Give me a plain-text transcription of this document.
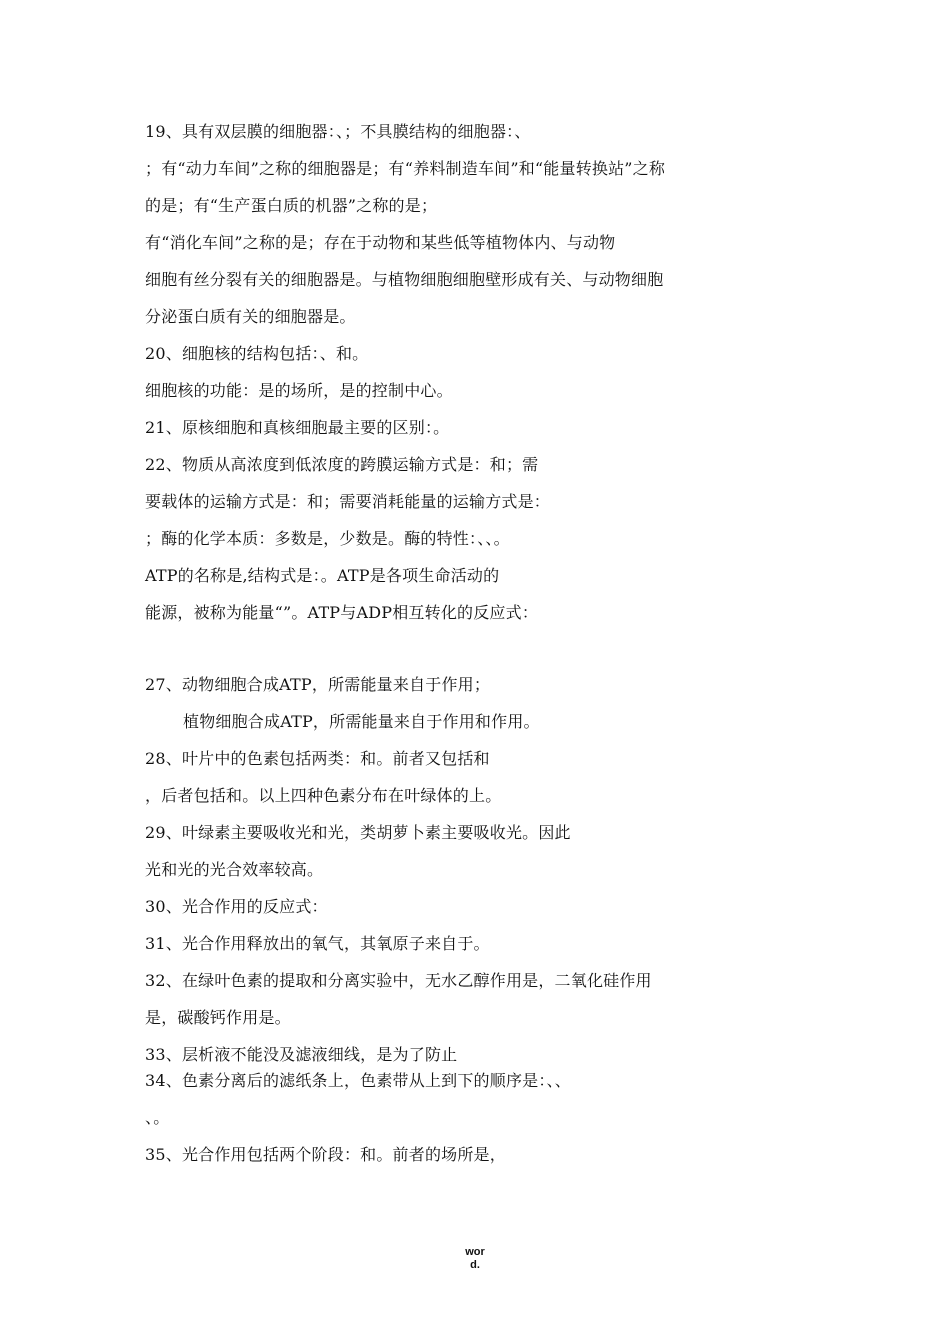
19、具有双层膜的细胞器：、；不具膜结构的细胞器：、
；有“动力车间”之称的细胞器是；有“养料制造车间”和“能量转换站”之称
的是；有“生产蛋白质的机器”之称的是；
有“消化车间”之称的是；存在于动物和某些低等植物体内、与动物
细胞有丝分裂有关的细胞器是。与植物细胞细胞壁形成有关、与动物细胞
分泌蛋白质有关的细胞器是。
20、细胞核的结构包括：、和。
细胞核的功能：是的场所，是的控制中心。
21、原核细胞和真核细胞最主要的区别：。
22、物质从高浓度到低浓度的跨膜运输方式是：和；需
要载体的运输方式是：和；需要消耗能量的运输方式是：
；酶的化学本质：多数是，少数是。酶的特性：、、。
ATP的名称是,结构式是：。ATP是各项生命活动的
能源，被称为能量“”。ATP与ADP相互转化的反应式：
27、动物细胞合成ATP，所需能量来自于作用；
植物细胞合成ATP，所需能量来自于作用和作用。
28、叶片中的色素包括两类：和。前者又包括和
，后者包括和。以上四种色素分布在叶绿体的上。
29、叶绿素主要吸收光和光，类胡萝卜素主要吸收光。因此
光和光的光合效率较高。
30、光合作用的反应式：
31、光合作用释放出的氧气，其氧原子来自于。
32、在绿叶色素的提取和分离实验中，无水乙醇作用是，二氧化硅作用
是，碳酸钙作用是。
33、层析液不能没及滤液细线，是为了防止
34、色素分离后的滤纸条上，色素带从上到下的顺序是：、、
、。
35、光合作用包括两个阶段：和。前者的场所是，
wor
d.
